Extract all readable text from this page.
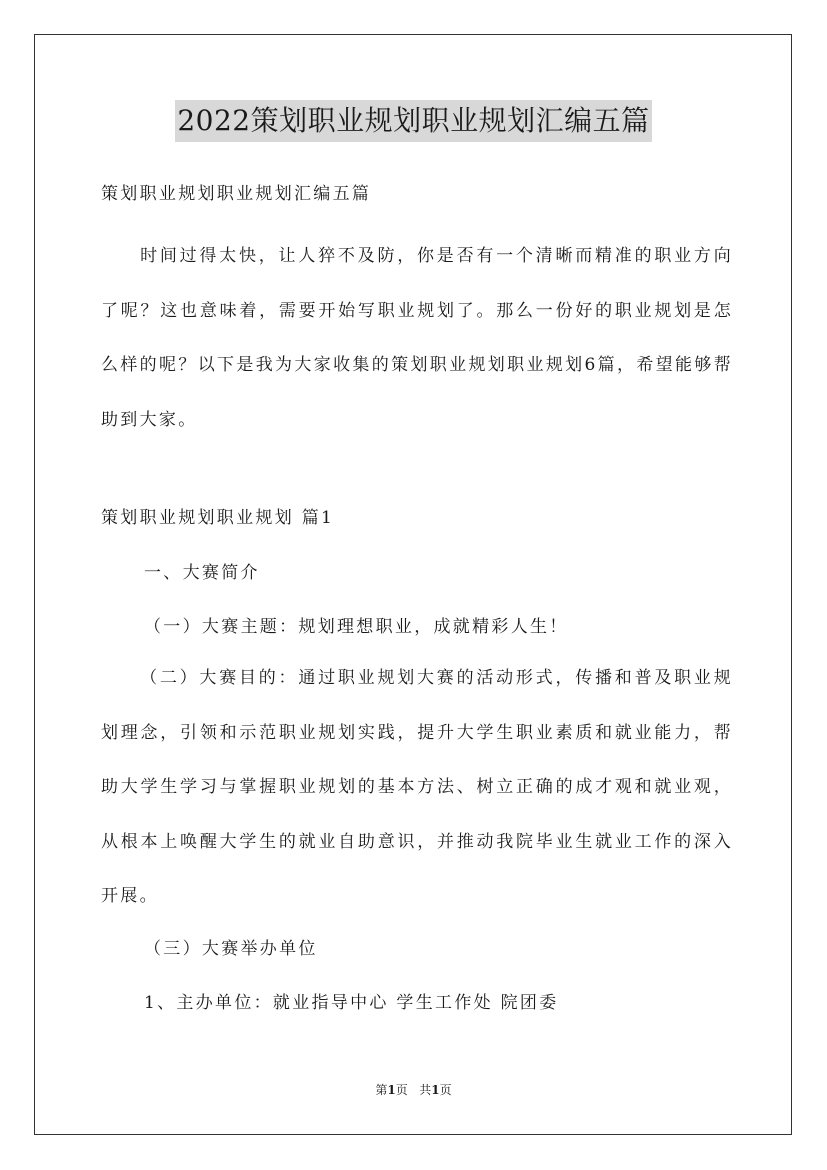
2022策划职业规划职业规划汇编五篇
策划职业规划职业规划汇编五篇

时间过得太快，让人猝不及防，你是否有一个清晰而精准的职业方向了呢？这也意味着，需要开始写职业规划了。那么一份好的职业规划是怎么样的呢？以下是我为大家收集的策划职业规划职业规划6篇，希望能够帮助到大家。

策划职业规划职业规划 篇1
一、大赛简介
（一）大赛主题：规划理想职业，成就精彩人生！

（二）大赛目的：通过职业规划大赛的活动形式，传播和普及职业规划理念，引领和示范职业规划实践，提升大学生职业素质和就业能力，帮助大学生学习与掌握职业规划的基本方法、树立正确的成才观和就业观，从根本上唤醒大学生的就业自助意识，并推动我院毕业生就业工作的深入开展。

（三）大赛举办单位
1、主办单位：就业指导中心 学生工作处 院团委
第1页 共1页
